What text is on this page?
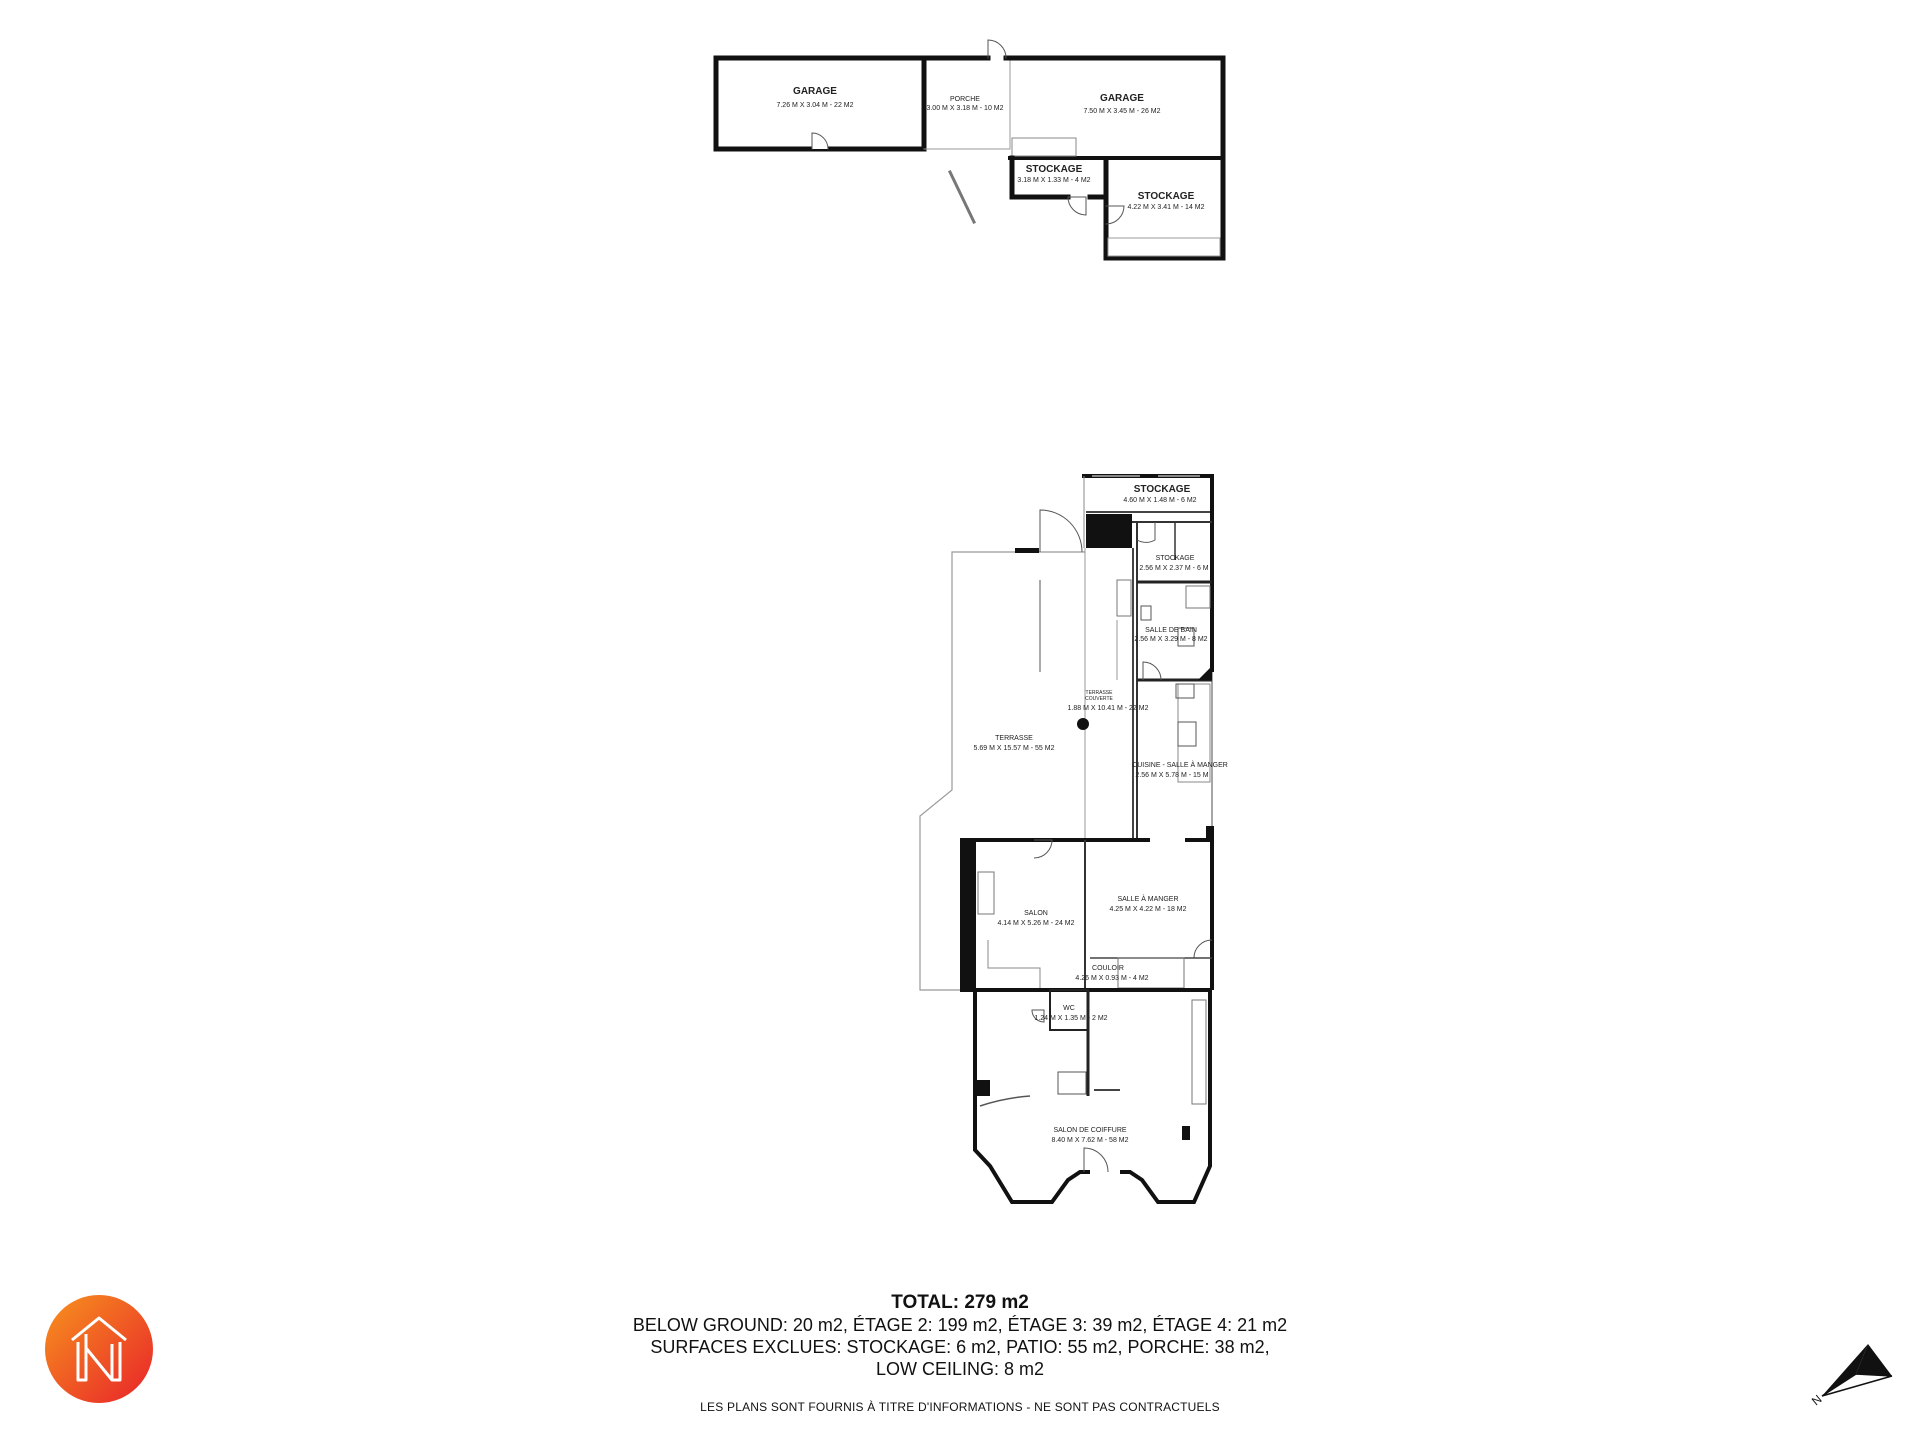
GARAGE
7.26 M X 3.04 M - 22 M2
PORCHE
3.00 M X 3.18 M - 10 M2
GARAGE
7.50 M X 3.45 M - 26 M2
STOCKAGE
3.18 M X 1.33 M - 4 M2
STOCKAGE
4.22 M X 3.41 M - 14 M2
STOCKAGE
4.60 M X 1.48 M - 6 M2
STOCKAGE
2.56 M X 2.37 M - 6 M
SALLE DE BAIN
2.56 M X 3.29 M - 8 M2
TERRASSE
COUVERTE
1.88 M X 10.41 M - 22 M2
TERRASSE
5.69 M X 15.57 M - 55 M2
CUISINE - SALLE À MANGER
2.56 M X 5.78 M - 15 M
SALON
4.14 M X 5.26 M - 24 M2
SALLE À MANGER
4.25 M X 4.22 M - 18 M2
COULOIR
4.26 M X 0.93 M - 4 M2
WC
1.24 M X 1.35 M - 2 M2
SALON DE COIFFURE
8.40 M X 7.62 M - 58 M2
TOTAL: 279 m2
BELOW GROUND: 20 m2, ÉTAGE 2: 199 m2, ÉTAGE 3: 39 m2, ÉTAGE 4: 21 m2
SURFACES EXCLUES: STOCKAGE: 6 m2, PATIO: 55 m2, PORCHE: 38 m2,
LOW CEILING: 8 m2
LES PLANS SONT FOURNIS À TITRE D'INFORMATIONS - NE SONT PAS CONTRACTUELS	N
